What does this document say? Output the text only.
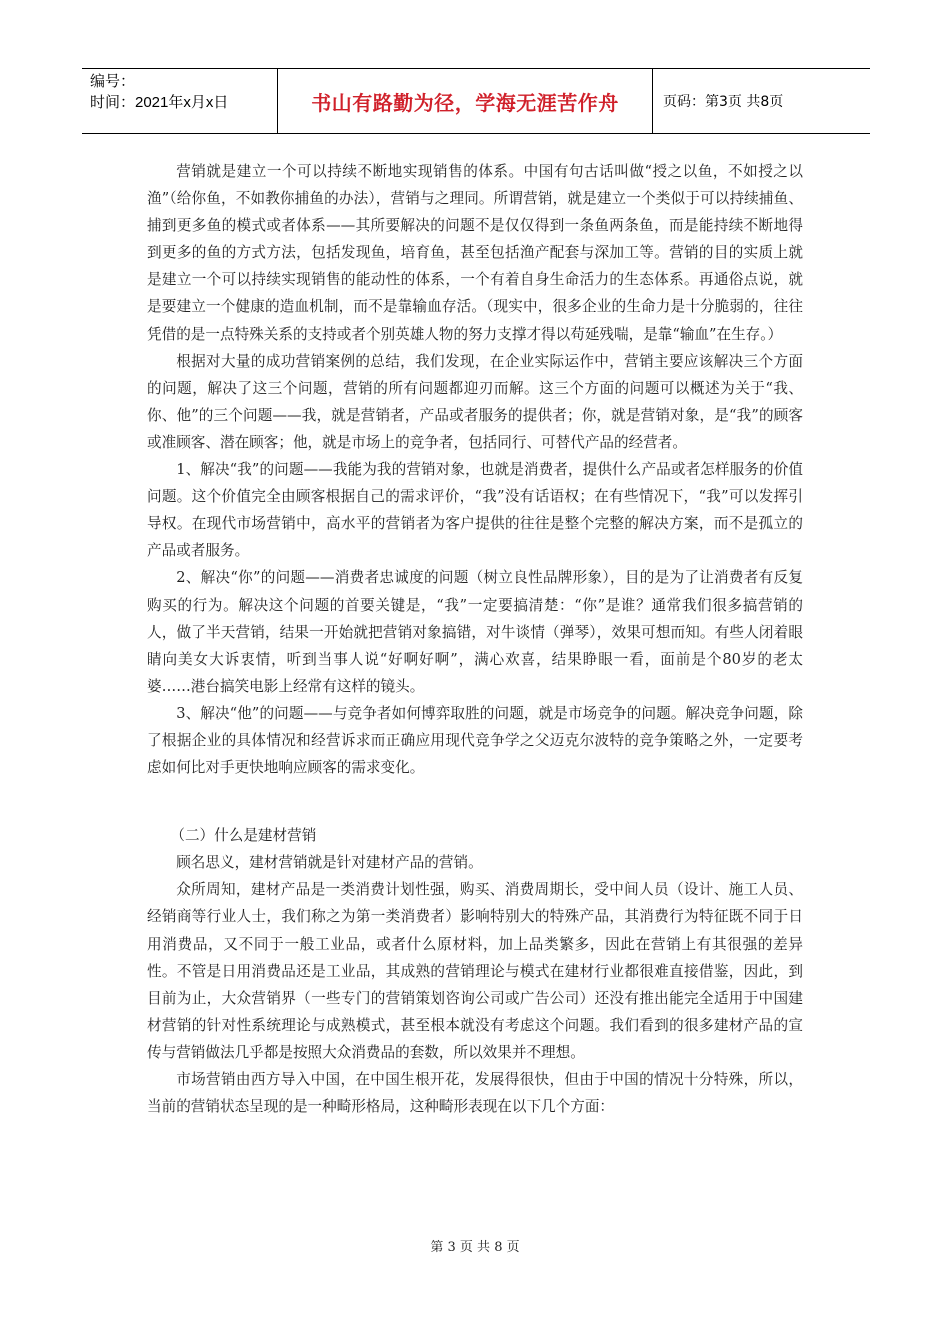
编号：
时间：2021年x月x日	书山有路勤为径，学海无涯苦作舟	页码：第3页 共8页

营销就是建立一个可以持续不断地实现销售的体系。中国有句古话叫做“授之以鱼，不如授之以渔”（给你鱼，不如教你捕鱼的办法），营销与之理同。所谓营销，就是建立一个类似于可以持续捕鱼、捕到更多鱼的模式或者体系——其所要解决的问题不是仅仅得到一条鱼两条鱼，而是能持续不断地得到更多的鱼的方式方法，包括发现鱼，培育鱼，甚至包括渔产配套与深加工等。营销的目的实质上就是建立一个可以持续实现销售的能动性的体系，一个有着自身生命活力的生态体系。再通俗点说，就是要建立一个健康的造血机制，而不是靠输血存活。（现实中，很多企业的生命力是十分脆弱的，往往凭借的是一点特殊关系的支持或者个别英雄人物的努力支撑才得以苟延残喘，是靠“输血”在生存。）

根据对大量的成功营销案例的总结，我们发现，在企业实际运作中，营销主要应该解决三个方面的问题，解决了这三个问题，营销的所有问题都迎刃而解。这三个方面的问题可以概述为关于“我、你、他”的三个问题——我，就是营销者，产品或者服务的提供者；你，就是营销对象，是“我”的顾客或准顾客、潜在顾客；他，就是市场上的竞争者，包括同行、可替代产品的经营者。

1、解决“我”的问题——我能为我的营销对象，也就是消费者，提供什么产品或者怎样服务的价值问题。这个价值完全由顾客根据自己的需求评价，“我”没有话语权；在有些情况下，“我”可以发挥引导权。在现代市场营销中，高水平的营销者为客户提供的往往是整个完整的解决方案，而不是孤立的产品或者服务。

2、解决“你”的问题——消费者忠诚度的问题（树立良性品牌形象），目的是为了让消费者有反复购买的行为。解决这个问题的首要关键是，“我”一定要搞清楚：“你”是谁？通常我们很多搞营销的人，做了半天营销，结果一开始就把营销对象搞错，对牛谈情（弹琴），效果可想而知。有些人闭着眼睛向美女大诉衷情，听到当事人说“好啊好啊”，满心欢喜，结果睁眼一看，面前是个80岁的老太婆……港台搞笑电影上经常有这样的镜头。

3、解决“他”的问题——与竞争者如何博弈取胜的问题，就是市场竞争的问题。解决竞争问题，除了根据企业的具体情况和经营诉求而正确应用现代竞争学之父迈克尔波特的竞争策略之外，一定要考虑如何比对手更快地响应顾客的需求变化。

（二）什么是建材营销

顾名思义，建材营销就是针对建材产品的营销。

众所周知，建材产品是一类消费计划性强，购买、消费周期长，受中间人员（设计、施工人员、经销商等行业人士，我们称之为第一类消费者）影响特别大的特殊产品，其消费行为特征既不同于日用消费品，又不同于一般工业品，或者什么原材料，加上品类繁多，因此在营销上有其很强的差异性。不管是日用消费品还是工业品，其成熟的营销理论与模式在建材行业都很难直接借鉴，因此，到目前为止，大众营销界（一些专门的营销策划咨询公司或广告公司）还没有推出能完全适用于中国建材营销的针对性系统理论与成熟模式，甚至根本就没有考虑这个问题。我们看到的很多建材产品的宣传与营销做法几乎都是按照大众消费品的套数，所以效果并不理想。

市场营销由西方导入中国，在中国生根开花，发展得很快，但由于中国的情况十分特殊，所以，当前的营销状态呈现的是一种畸形格局，这种畸形表现在以下几个方面：

第 3 页 共 8 页
